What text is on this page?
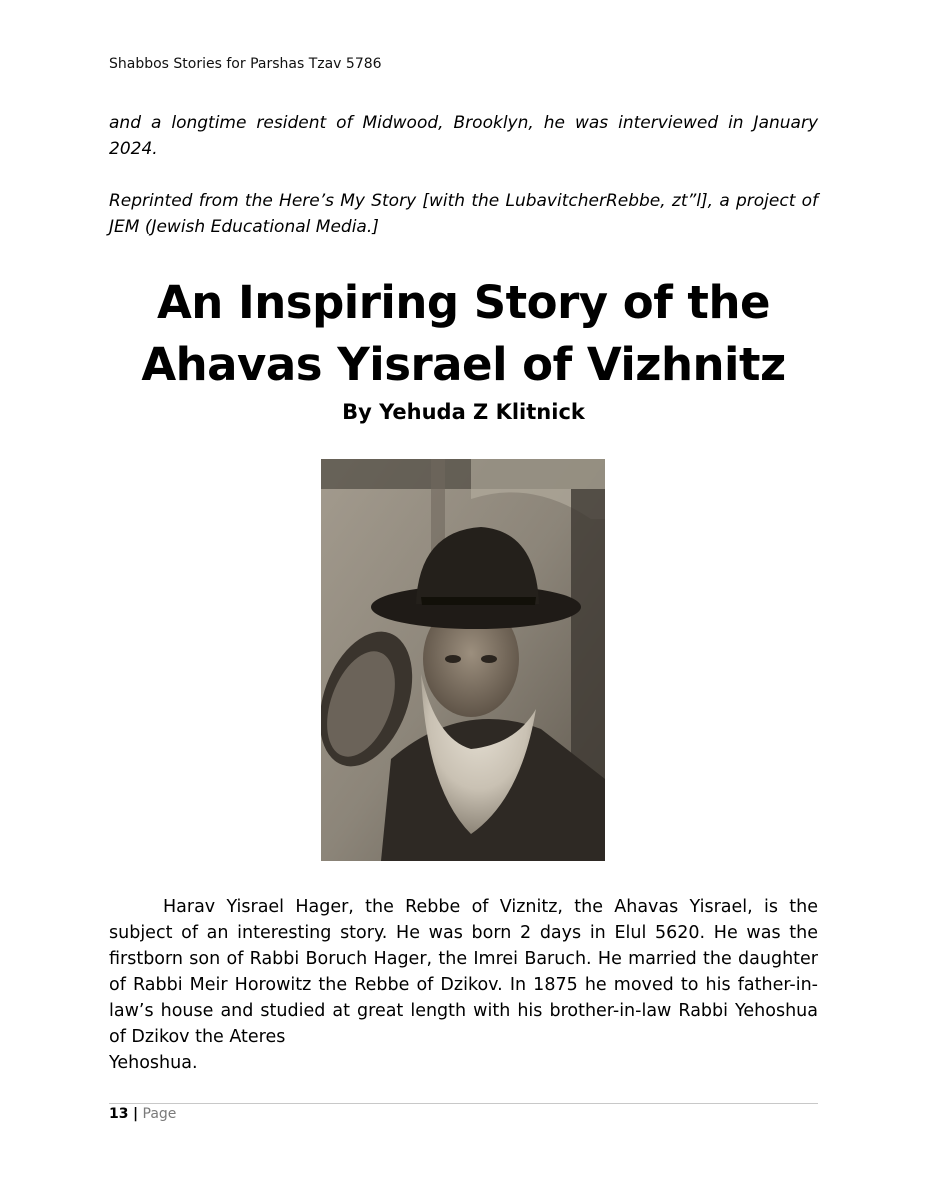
Shabbos Stories for Parshas Tzav 5786

and a longtime resident of Midwood, Brooklyn, he was interviewed in January 2024.

Reprinted from the Here’s My Story [with the LubavitcherRebbe, zt”l], a project of JEM (Jewish Educational Media.]

An Inspiring Story of the
Ahavas Yisrael of Vizhnitz

By Yehuda Z Klitnick

Harav Yisrael Hager, the Rebbe of Viznitz, the Ahavas Yisrael, is the subject of an interesting story. He was born 2 days in Elul 5620. He was the firstborn son of Rabbi Boruch Hager, the Imrei Baruch. He married the daughter of Rabbi Meir Horowitz the Rebbe of Dzikov. In 1875 he moved to his father-in-law’s house and studied at great length with his brother-in-law Rabbi Yehoshua of Dzikov the Ateres
Yehoshua.

13 | Page
